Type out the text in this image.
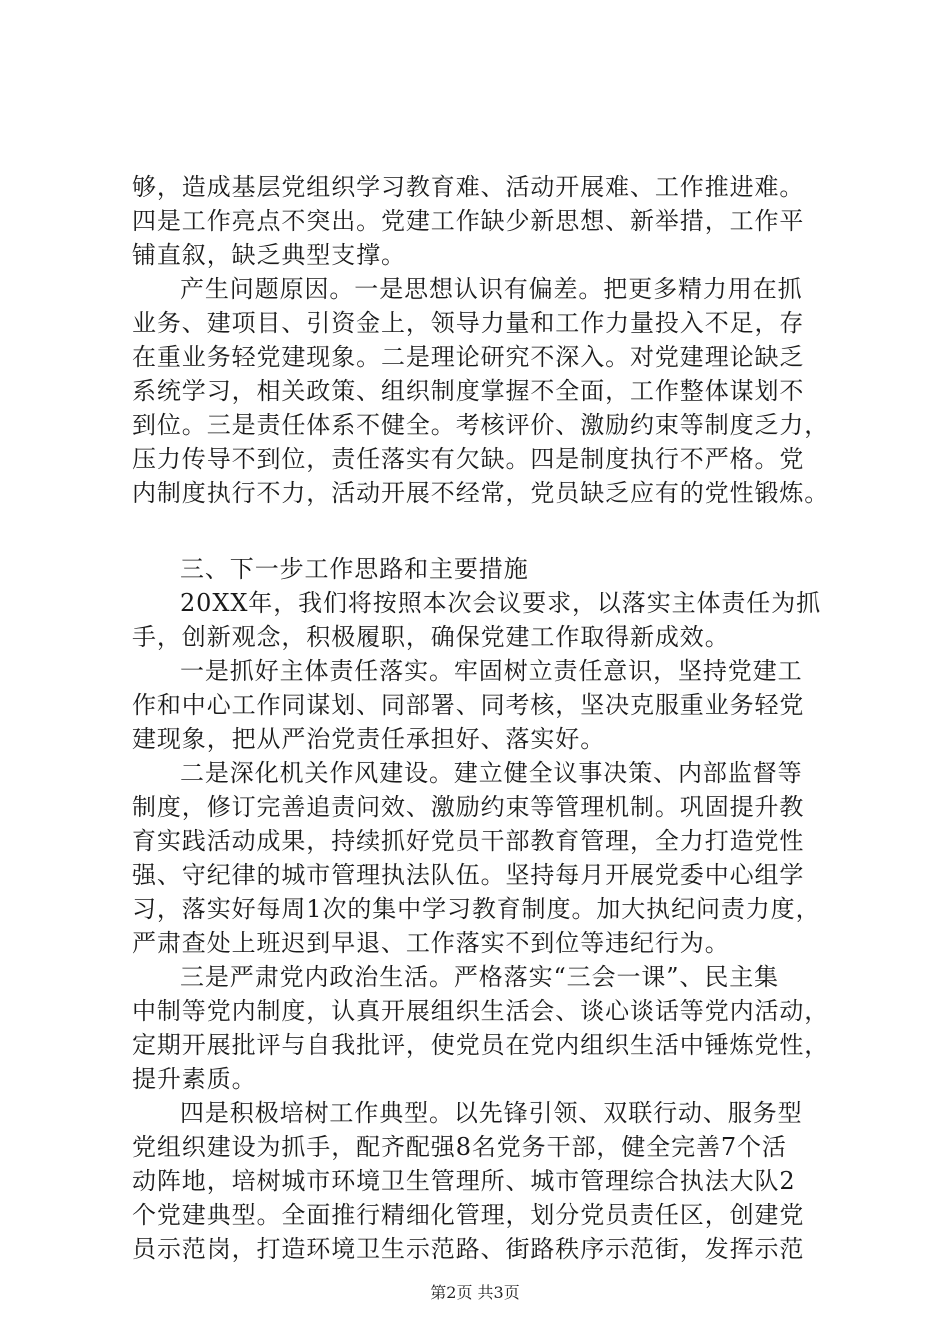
够，造成基层党组织学习教育难、活动开展难、工作推进难。
四是工作亮点不突出。党建工作缺少新思想、新举措，工作平
铺直叙，缺乏典型支撑。
产生问题原因。一是思想认识有偏差。把更多精力用在抓
业务、建项目、引资金上，领导力量和工作力量投入不足，存
在重业务轻党建现象。二是理论研究不深入。对党建理论缺乏
系统学习，相关政策、组织制度掌握不全面，工作整体谋划不
到位。三是责任体系不健全。考核评价、激励约束等制度乏力，
压力传导不到位，责任落实有欠缺。四是制度执行不严格。党
内制度执行不力，活动开展不经常，党员缺乏应有的党性锻炼。
三、下一步工作思路和主要措施
20XX年，我们将按照本次会议要求，以落实主体责任为抓
手，创新观念，积极履职，确保党建工作取得新成效。
一是抓好主体责任落实。牢固树立责任意识，坚持党建工
作和中心工作同谋划、同部署、同考核，坚决克服重业务轻党
建现象，把从严治党责任承担好、落实好。
二是深化机关作风建设。建立健全议事决策、内部监督等
制度，修订完善追责问效、激励约束等管理机制。巩固提升教
育实践活动成果，持续抓好党员干部教育管理，全力打造党性
强、守纪律的城市管理执法队伍。坚持每月开展党委中心组学
习，落实好每周1次的集中学习教育制度。加大执纪问责力度，
严肃查处上班迟到早退、工作落实不到位等违纪行为。
三是严肃党内政治生活。严格落实“三会一课”、民主集
中制等党内制度，认真开展组织生活会、谈心谈话等党内活动，
定期开展批评与自我批评，使党员在党内组织生活中锤炼党性，
提升素质。
四是积极培树工作典型。以先锋引领、双联行动、服务型
党组织建设为抓手，配齐配强8名党务干部，健全完善7个活
动阵地，培树城市环境卫生管理所、城市管理综合执法大队2
个党建典型。全面推行精细化管理，划分党员责任区，创建党
员示范岗，打造环境卫生示范路、街路秩序示范街，发挥示范
第2页 共3页
